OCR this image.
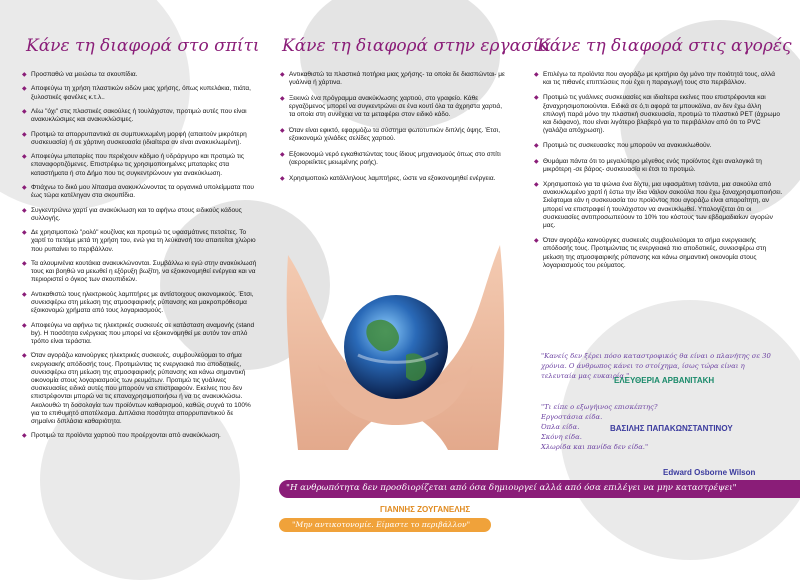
Κάνε τη διαφορά στο σπίτι Κάνε τη διαφορά στην εργασία
Κάνε τη διαφορά στις αγορές
◆ Προσπαθώ να μειώσω τα σκουπίδια.
◆ Αποφεύγω τη χρήση πλαστικών ειδών μιας χρήσης, όπως κυπελάκια, πιάτα, ξυλοστικές φανέλες κ.τ.λ..
◆ Λέω "όχι" στις πλαστικές σακούλες ή τουλάχιστον, προτιμώ αυτές που είναι ανακυκλώσιμες και ανακυκλώσιμες.
◆ Προτιμώ τα απορρυπαντικά σε συμπυκνωμένη μορφή (απαιτούν μικρότερη συσκευασία) ή σε χάρτινη συσκευασία (ιδιαίτερα αν είναι ανακυκλωμένη).
◆ Αποφεύγω μπαταρίες που περιέχουν κάδμιο ή υδράργυρο και προτιμώ τις επαναφορτιζόμενες. Επιστρέφω τις χρησιμοποιημένες μπαταρίες στα καταστήματα ή στο Δήμο που τις συγκεντρώνουν για ανακύκλωση.
◆ Φτιάχνω το δικό μου λίπασμα ανακυκλώνοντας τα οργανικά υπολείμματα που έως τώρα κατέληγαν στα σκουπίδια.
◆ Συγκεντρώνω χαρτί για ανακύκλωση και το αφήνω στους ειδικούς κάδους συλλογής.
◆ Δε χρησιμοποιώ "ρολό" κουζίνας και προτιμώ τις υφασμάτινες πετσέτες. Το χαρτί το πετάμε μετά τη χρήση του, ενώ για τη λεύκανσή του απαιτείται χλώριο που ρυπαίνει το περιβάλλον.
◆ Τα αλουμινένια κουτάκια ανακυκλώνονται. Συμβάλλω κι εγώ στην ανακύκλωσή τους και βοηθώ να μειωθεί η εξόρυξη βωξίτη, να εξοικονομηθεί ενέργεια και να περιοριστεί ο όγκος των σκουπιδιών.
◆ Αντικαθιστώ τους ηλεκτρικούς λαμπτήρες με αντίστοιχους οικονομικούς. Έτσι, συνεισφέρω στη μείωση της ατμοσφαιρικής ρύπανσης και μακροπρόθεσμα εξοικονομώ χρήματα από τους λογαριασμούς.
◆ Αποφεύγω να αφήνω τις ηλεκτρικές συσκευές σε κατάσταση αναμονής (stand by). Η ποσότητα ενέργειας που μπορεί να εξοικονομηθεί με αυτόν τον απλό τρόπο είναι τεράστια.
◆ Όταν αγοράζω καινούργιες ηλεκτρικές συσκευές, συμβουλεύομαι το σήμα ενεργειακής απόδοσής τους. Προτιμώντας τις ενεργειακά πιο αποδοτικές, συνεισφέρω στη μείωση της ατμοσφαιρικής ρύπανσης και κάνω σημαντική οικονομία στους λογαριασμούς των ρευμάτων. Προτιμώ τις γυάλινες συσκευασίες ειδικά αυτές που μπορούν να επιστραφούν. Εκείνες που δεν επιστρέφονται μπορώ να τις επαναχρησιμοποιήσω ή να τις ανακυκλώσω. Ακολουθώ τη δοσολογία των προϊόντων καθαρισμού, καθώς συχνά το 100% για το επιθυμητό αποτέλεσμα. Διπλάσια ποσότητα απορρυπαντικού δε σημαίνει διπλάσια καθαριότητα.
◆ Προτιμώ τα προϊόντα χαρτιού που προέρχονται από ανακύκλωση.
◆ Αντικαθιστώ τα πλαστικά ποτήρια μιας χρήσης- τα οποία δε διασπώνται- με γυάλινα ή χάρτινα.
◆ Ξεκινώ ένα πρόγραμμα ανακύκλωσης χαρτιού, στο γραφείο. Κάθε εργαζόμενος μπορεί να συγκεντρώνει σε ένα κουτί όλα τα άχρηστα χαρτιά, τα οποία στη συνέχεια να τα μεταφέρει στον ειδικό κάδο.
◆ Όταν είναι εφικτό, εφαρμόζω τα σύστημα φωτοτυπιών διπλής όψης. Έτσι, εξοικονομώ χιλιάδες σελίδες χαρτιού.
◆ Εξοικονομώ νερό εγκαθιστώντας τους ίδιους μηχανισμούς όπως στο σπίτι (αεροριείκτες μειωμένης ροής).
◆ Χρησιμοποιώ κατάλληλους λαμπτήρες, ώστε να εξοικονομηθεί ενέργεια.
◆ Επιλέγω τα προϊόντα που αγοράζω με κριτήριο όχι μόνο την ποιότητά τους, αλλά και τις πιθανές επιπτώσεις που έχει η παραγωγή τους στο περιβάλλον.
◆ Προτιμώ τις γυάλινες συσκευασίες και ιδιαίτερα εκείνες που επιστρέφονται και ξαναχρησιμοποιούνται. Ειδικά σε ό,τι αφορά τα μπουκάλια, αν δεν έχω άλλη επιλογή παρά μόνο την πλαστική συσκευασία, προτιμώ το πλαστικό PET (άχρωμο και διάφανο), που είναι λιγότερο βλαβερό για το περιβάλλον από ότι το PVC (γαλάζια απόχρωση).
◆ Προτιμώ τις συσκευασίες που μπορούν να ανακυκλωθούν.
◆ Θυμάμαι πάντα ότι το μεγαλύτερο μέγεθος ενός προϊόντος έχει αναλογικά τη μικρότερη -σε βάρος- συσκευασία κι έτσι το προτιμώ.
◆ Χρησιμοποιώ για τα ψώνια ένα δίχτυ, μια υφασμάτινη τσάντα, μια σακούλα από ανακυκλωμένο χαρτί ή έστω την ίδια νάιλον σακούλα που έχω ξαναχρησιμοποιήσει. Σκέφτομαι εάν η συσκευασία του προϊόντος που αγοράζω είναι απαραίτητη, αν μπορεί να επιστραφεί ή τουλάχιστον να ανακυκλωθεί. Υπολογίζεται ότι οι συσκευασίες αντιπροσωπεύουν το 10% του κόστους των εβδομαδιαίων αγορών μας.
◆ Όταν αγοράζω καινούργιες συσκευές συμβουλεύομαι το σήμα ενεργειακής απόδοσής τους. Προτιμώντας τις ενεργειακά πιο αποδοτικές, συνεισφέρω στη μείωση της ατμοσφαιρικής ρύπανσης και κάνω σημαντική οικονομία στους λογαριασμούς του ρεύματος.
"Κανείς δεν ξέρει πόσο καταστροφικός θα είναι ο πλανήτης σε 30 χρόνια. Ο άνθρωπος κάνει το στοίχημα, ίσως τώρα είναι η τελευταία μας ευκαιρία."
ΕΛΕΥΘΕΡΙΑ ΑΡΒΑΝΙΤΑΚΗ
"Τι είπε ο εξωγήινος επισκέπτης?
Εργοστάσια είδα.
Όπλα είδα.
Σκόνη είδα.
Χλωρίδα και πανίδα δεν είδα."
ΒΑΣΙΛΗΣ ΠΑΠΑΚΩΝΣΤΑΝΤΙΝΟΥ
Edward Osborne Wilson
"Η ανθρωπότητα δεν προσδιορίζεται από όσα δημιουργεί αλλά από όσα επιλέγει να μην καταστρέψει"
ΓΙΑΝΝΗΣ ΖΟΥΓΑΝΕΛΗΣ
"Μην αντικοτονομίε. Είμαστε το περιβάλλον"
